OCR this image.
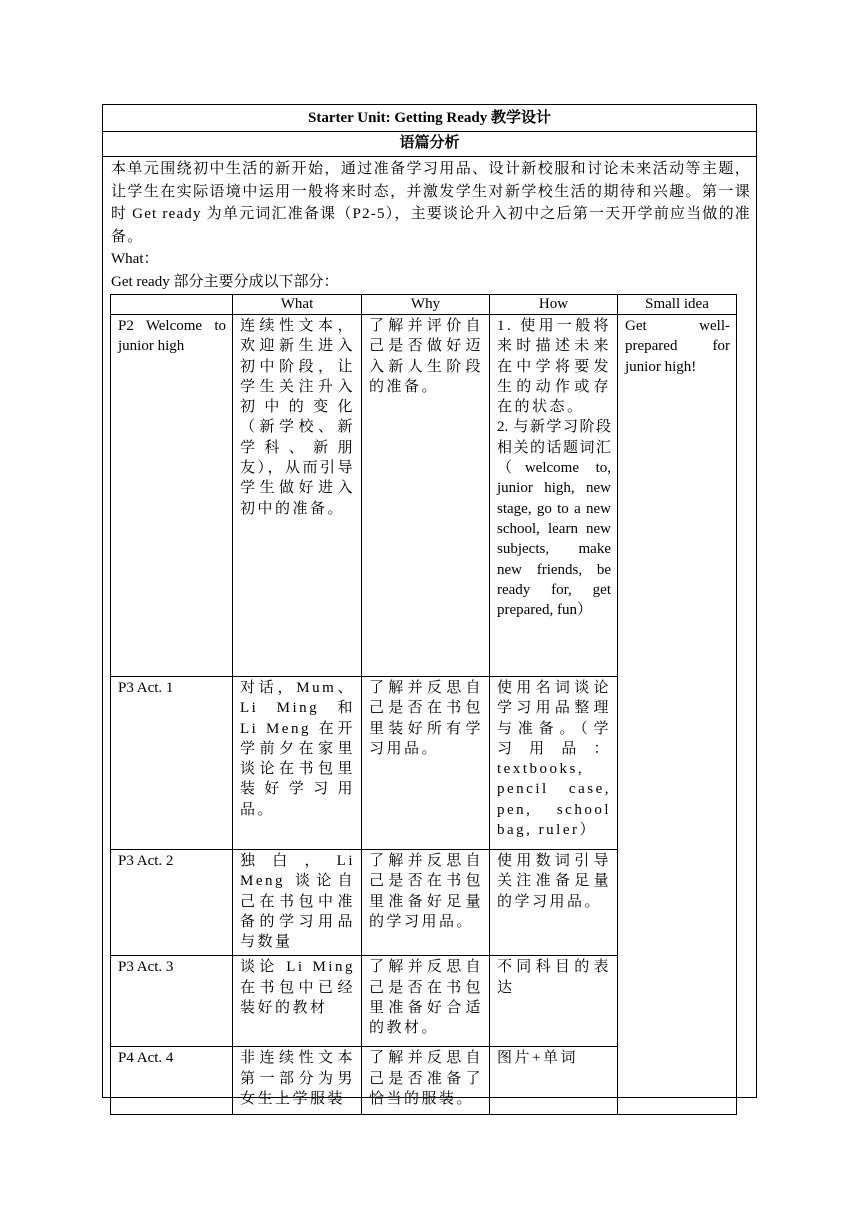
Starter Unit: Getting Ready 教学设计
语篇分析

本单元围绕初中生活的新开始，通过准备学习用品、设计新校服和讨论未来活动等主题，让学生在实际语境中运用一般将来时态，并激发学生对新学校生活的期待和兴趣。第一课时 Get ready 为单元词汇准备课（P2-5），主要谈论升入初中之后第一天开学前应当做的准备。

What：
Get ready 部分主要分成以下部分：
	What	Why	How	Small idea
P2 Welcome to junior high	连续性文本，欢迎新生进入初中阶段，让学生关注升入初中的变化（新学校、新学科、新朋友），从而引导学生做好进入初中的准备。	了解并评价自己是否做好迈入新人生阶段的准备。	1. 使用一般将来时描述未来在中学将要发生的动作或存在的状态。
2. 与新学习阶段相关的话题词汇（welcome to, junior high, new stage, go to a new school, learn new subjects, make new friends, be ready for, get prepared, fun）	Get well-prepared for junior high!
P3 Act. 1	对话，Mum、Li Ming 和 Li Meng 在开学前夕在家里谈论在书包里装好学习用品。	了解并反思自己是否在书包里装好所有学习用品。	使用名词谈论学习用品整理与准备。（学习用品：textbooks, pencil case, pen, school bag, ruler）	
P3 Act. 2	独白，Li Meng 谈论自己在书包中准备的学习用品与数量	了解并反思自己是否在书包里准备好足量的学习用品。	使用数词引导关注准备足量的学习用品。	
P3 Act. 3	谈论 Li Ming 在书包中已经装好的教材	了解并反思自己是否在书包里准备好合适的教材。	不同科目的表达	
P4 Act. 4	非连续性文本第一部分为男女生上学服装	了解并反思自己是否准备了恰当的服装。	图片+单词	
